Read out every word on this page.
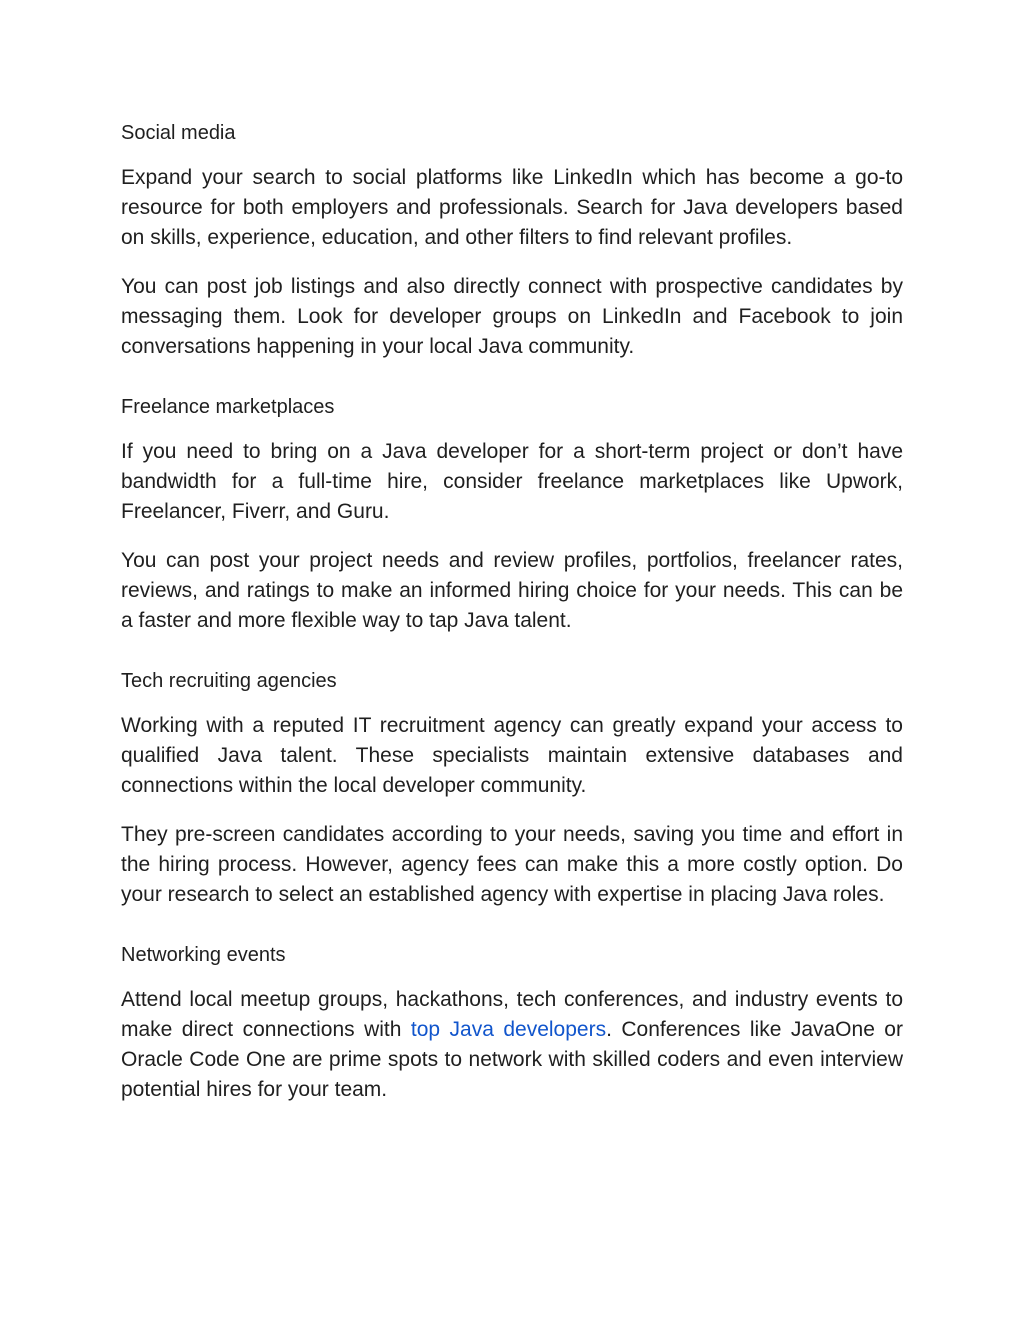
Social media

Expand your search to social platforms like LinkedIn which has become a go-to resource for both employers and professionals. Search for Java developers based on skills, experience, education, and other filters to find relevant profiles.

You can post job listings and also directly connect with prospective candidates by messaging them. Look for developer groups on LinkedIn and Facebook to join conversations happening in your local Java community.

Freelance marketplaces

If you need to bring on a Java developer for a short-term project or don’t have bandwidth for a full-time hire, consider freelance marketplaces like Upwork, Freelancer, Fiverr, and Guru.

You can post your project needs and review profiles, portfolios, freelancer rates, reviews, and ratings to make an informed hiring choice for your needs. This can be a faster and more flexible way to tap Java talent.

Tech recruiting agencies

Working with a reputed IT recruitment agency can greatly expand your access to qualified Java talent. These specialists maintain extensive databases and connections within the local developer community.

They pre-screen candidates according to your needs, saving you time and effort in the hiring process. However, agency fees can make this a more costly option. Do your research to select an established agency with expertise in placing Java roles.

Networking events

Attend local meetup groups, hackathons, tech conferences, and industry events to make direct connections with top Java developers. Conferences like JavaOne or Oracle Code One are prime spots to network with skilled coders and even interview potential hires for your team.
